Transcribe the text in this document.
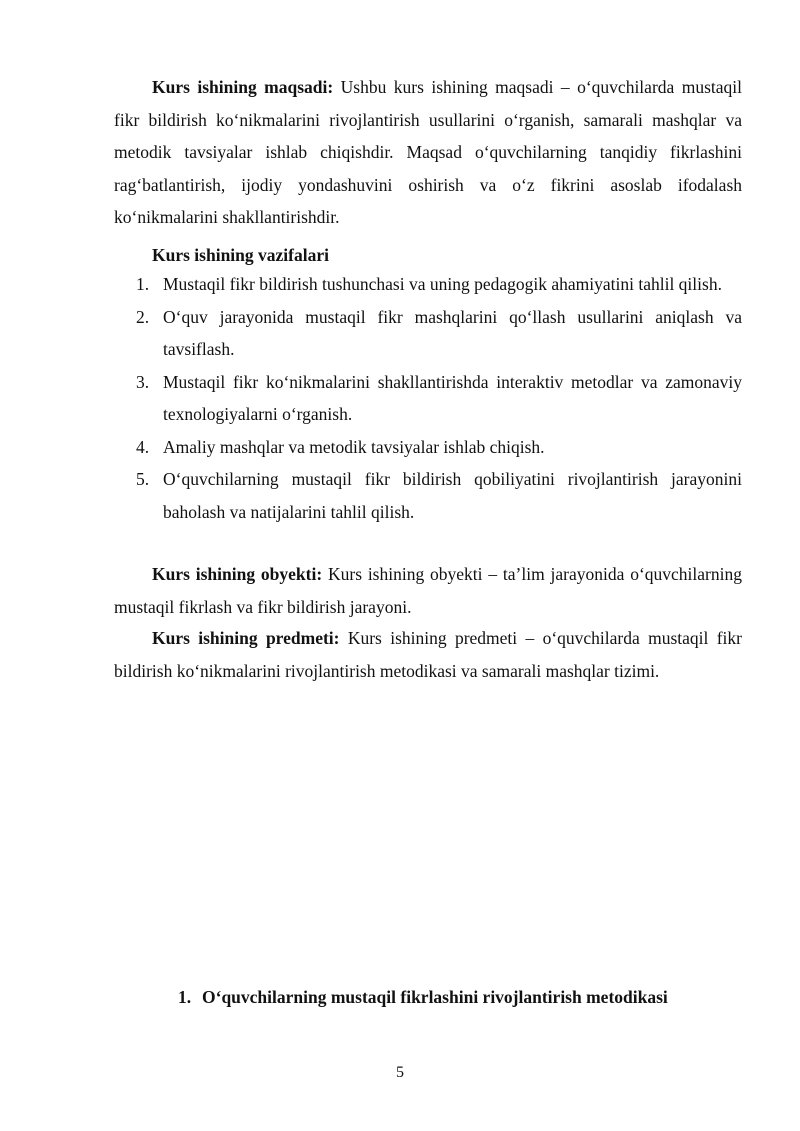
Kurs ishining maqsadi: Ushbu kurs ishining maqsadi – o‘quvchilarda mustaqil fikr bildirish ko‘nikmalarini rivojlantirish usullarini o‘rganish, samarali mashqlar va metodik tavsiyalar ishlab chiqishdir. Maqsad o‘quvchilarning tanqidiy fikrlashini rag‘batlantirish, ijodiy yondashuvini oshirish va o‘z fikrini asoslab ifodalash ko‘nikmalarini shakllantirishdir.
Kurs ishining vazifalari
1. Mustaqil fikr bildirish tushunchasi va uning pedagogik ahamiyatini tahlil qilish.
2. O‘quv jarayonida mustaqil fikr mashqlarini qo‘llash usullarini aniqlash va tavsiflash.
3. Mustaqil fikr ko‘nikmalarini shakllantirishda interaktiv metodlar va zamonaviy texnologiyalarni o‘rganish.
4. Amaliy mashqlar va metodik tavsiyalar ishlab chiqish.
5. O‘quvchilarning mustaqil fikr bildirish qobiliyatini rivojlantirish jarayonini baholash va natijalarini tahlil qilish.
Kurs ishining obyekti: Kurs ishining obyekti – ta’lim jarayonida o‘quvchilarning mustaqil fikrlash va fikr bildirish jarayoni.
Kurs ishining predmeti: Kurs ishining predmeti – o‘quvchilarda mustaqil fikr bildirish ko‘nikmalarini rivojlantirish metodikasi va samarali mashqlar tizimi.
1. O‘quvchilarning mustaqil fikrlashini rivojlantirish metodikasi
5
